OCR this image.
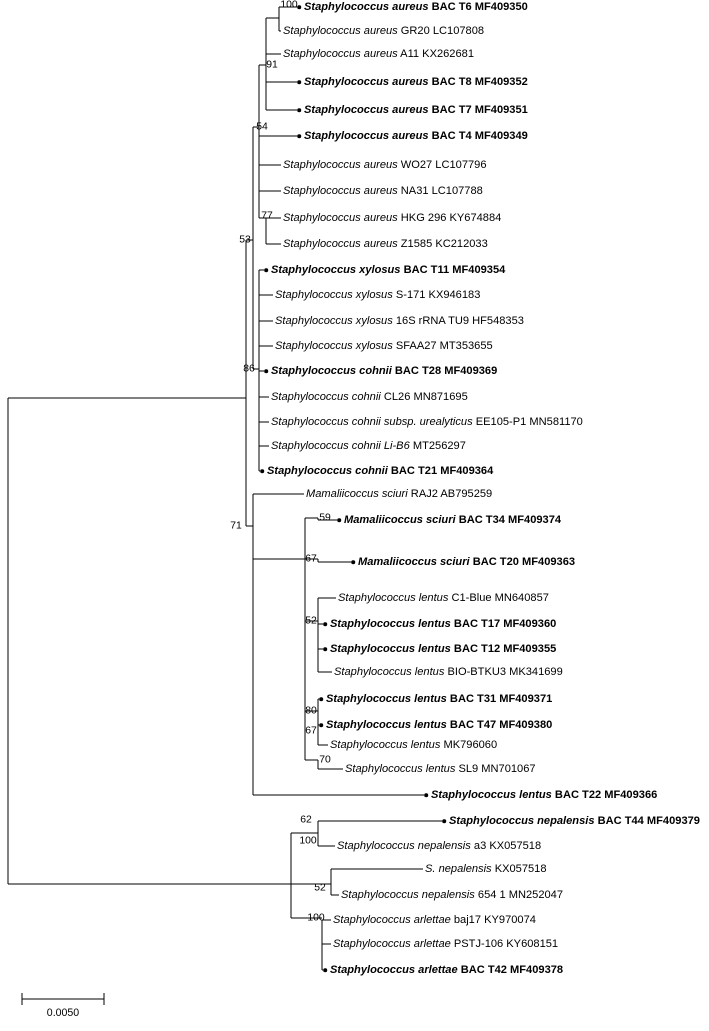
Staphylococcus aureus BAC T6 MF409350
Staphylococcus aureus GR20 LC107808
Staphylococcus aureus A11 KX262681
Staphylococcus aureus BAC T8 MF409352
Staphylococcus aureus BAC T7 MF409351
Staphylococcus aureus BAC T4 MF409349
Staphylococcus aureus WO27 LC107796
Staphylococcus aureus NA31 LC107788
Staphylococcus aureus HKG 296 KY674884
Staphylococcus aureus Z1585 KC212033
Staphylococcus xylosus BAC T11 MF409354
Staphylococcus xylosus S-171 KX946183
Staphylococcus xylosus 16S rRNA TU9 HF548353
Staphylococcus xylosus SFAA27 MT353655
Staphylococcus cohnii BAC T28 MF409369
Staphylococcus cohnii CL26 MN871695
Staphylococcus cohnii subsp. urealyticus EE105-P1 MN581170
Staphylococcus cohnii Li-B6 MT256297
Staphylococcus cohnii BAC T21 MF409364
Mamaliicoccus sciuri RAJ2 AB795259
Mamaliicoccus sciuri BAC T34 MF409374
Mamaliicoccus sciuri BAC T20 MF409363
Staphylococcus lentus C1-Blue MN640857
Staphylococcus lentus BAC T17 MF409360
Staphylococcus lentus BAC T12 MF409355
Staphylococcus lentus BIO-BTKU3 MK341699
Staphylococcus lentus BAC T31 MF409371
Staphylococcus lentus BAC T47 MF409380
Staphylococcus lentus MK796060
Staphylococcus lentus SL9 MN701067
Staphylococcus lentus BAC T22 MF409366
Staphylococcus nepalensis BAC T44 MF409379
Staphylococcus nepalensis a3 KX057518
S. nepalensis KX057518
Staphylococcus nepalensis 654 1 MN252047
Staphylococcus arlettae baj17 KY970074
Staphylococcus arlettae PSTJ-106 KY608151
Staphylococcus arlettae BAC T42 MF409378
100
91
54
77
53
86
71
59
67
52
80
67
70
62
100
52
100
0.0050
